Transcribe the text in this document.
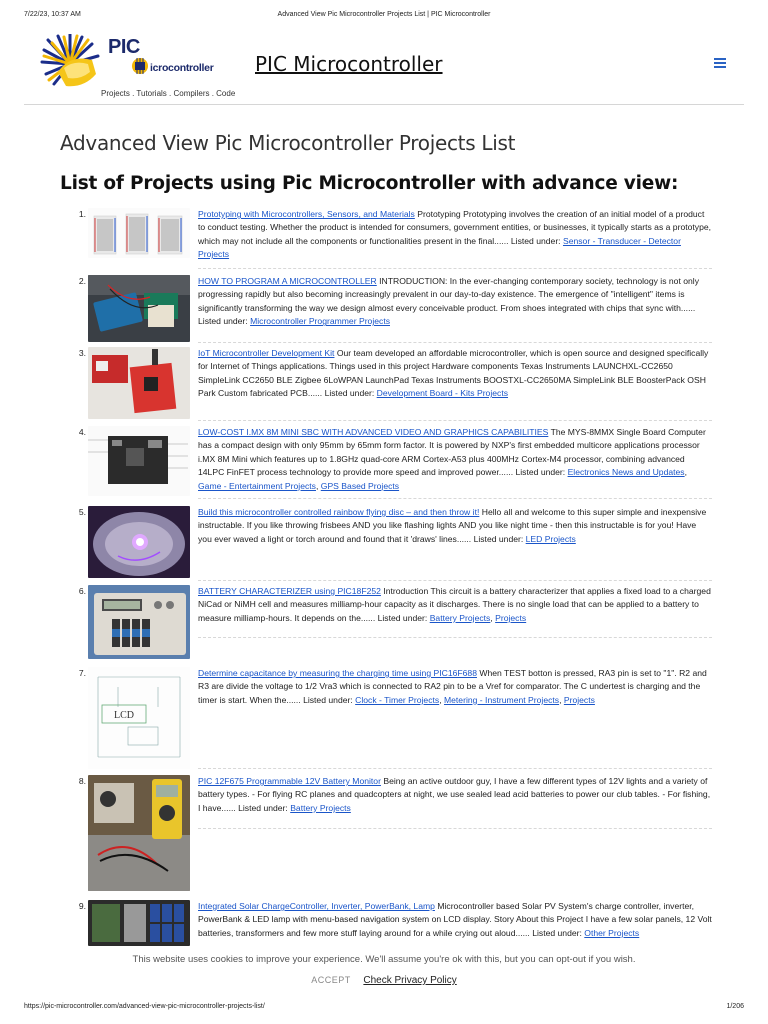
7/22/23, 10:37 AM	Advanced View Pic Microcontroller Projects List | PIC Microcontroller
PIC
icrocontroller
Projects . Tutorials . Compilers . Code
PIC Microcontroller
Advanced View Pic Microcontroller Projects List
List of Projects using Pic Microcontroller with advance view:
1.	Prototyping with Microcontrollers, Sensors, and Materials Prototyping Prototyping involves the creation of an initial model of a product to conduct testing. Whether the product is intended for consumers, government entities, or businesses, it typically starts as a prototype, which may not include all the components or functionalities present in the final...... Listed under: Sensor - Transducer - Detector Projects
2.	HOW TO PROGRAM A MICROCONTROLLER INTRODUCTION: In the ever-changing contemporary society, technology is not only progressing rapidly but also becoming increasingly prevalent in our day-to-day existence. The emergence of "intelligent" items is significantly transforming the way we design almost every conceivable product. From shoes integrated with chips that sync with...... Listed under: Microcontroller Programmer Projects
3.	IoT Microcontroller Development Kit Our team developed an affordable microcontroller, which is open source and designed specifically for Internet of Things applications. Things used in this project Hardware components Texas Instruments LAUNCHXL-CC2650 SimpleLink CC2650 BLE Zigbee 6LoWPAN LaunchPad Texas Instruments BOOSTXL-CC2650MA SimpleLink BLE BoosterPack OSH Park Custom fabricated PCB...... Listed under: Development Board - Kits Projects
4.	LOW-COST I.MX 8M MINI SBC WITH ADVANCED VIDEO AND GRAPHICS CAPABILITIES The MYS-8MMX Single Board Computer has a compact design with only 95mm by 65mm form factor. It is powered by NXP's first embedded multicore applications processor i.MX 8M Mini which features up to 1.8GHz quad-core ARM Cortex-A53 plus 400MHz Cortex-M4 processor, combining advanced 14LPC FinFET process technology to provide more speed and improved power...... Listed under: Electronics News and Updates, Game - Entertainment Projects, GPS Based Projects
5.	Build this microcontroller controlled rainbow flying disc – and then throw it! Hello all and welcome to this super simple and inexpensive instructable. If you like throwing frisbees AND you like flashing lights AND you like night time - then this instructable is for you! Have you ever waved a light or torch around and found that it 'draws' lines...... Listed under: LED Projects
6.	BATTERY CHARACTERIZER using PIC18F252 Introduction This circuit is a battery characterizer that applies a fixed load to a charged NiCad or NiMH cell and measures milliamp-hour capacity as it discharges. There is no single load that can be applied to a battery to measure milliamp-hours. It depends on the...... Listed under: Battery Projects, Projects
7.
LCD
Determine capacitance by measuring the charging time using PIC16F688 When TEST botton is pressed, RA3 pin is set to "1". R2 and R3 are divide the voltage to 1/2 Vra3 which is connected to RA2 pin to be a Vref for comparator. The C undertest is charging and the timer is start. When the...... Listed under: Clock - Timer Projects, Metering - Instrument Projects, Projects
8.	PIC 12F675 Programmable 12V Battery Monitor Being an active outdoor guy, I have a few different types of 12V lights and a variety of battery types. - For flying RC planes and quadcopters at night, we use sealed lead acid batteries to power our club tables. - For fishing, I have...... Listed under: Battery Projects
9.	Integrated Solar ChargeController, Inverter, PowerBank, Lamp Microcontroller based Solar PV System's charge controller, inverter, PowerBank & LED lamp with menu-based navigation system on LCD display. Story About this Project I have a few solar panels, 12 Volt batteries, transformers and few more stuff laying around for a while crying out aloud...... Listed under: Other Projects
This website uses cookies to improve your experience. We'll assume you're ok with this, but you can opt-out if you wish.
ACCEPT Check Privacy Policy
https://pic-microcontroller.com/advanced-view-pic-microcontroller-projects-list/	1/206
